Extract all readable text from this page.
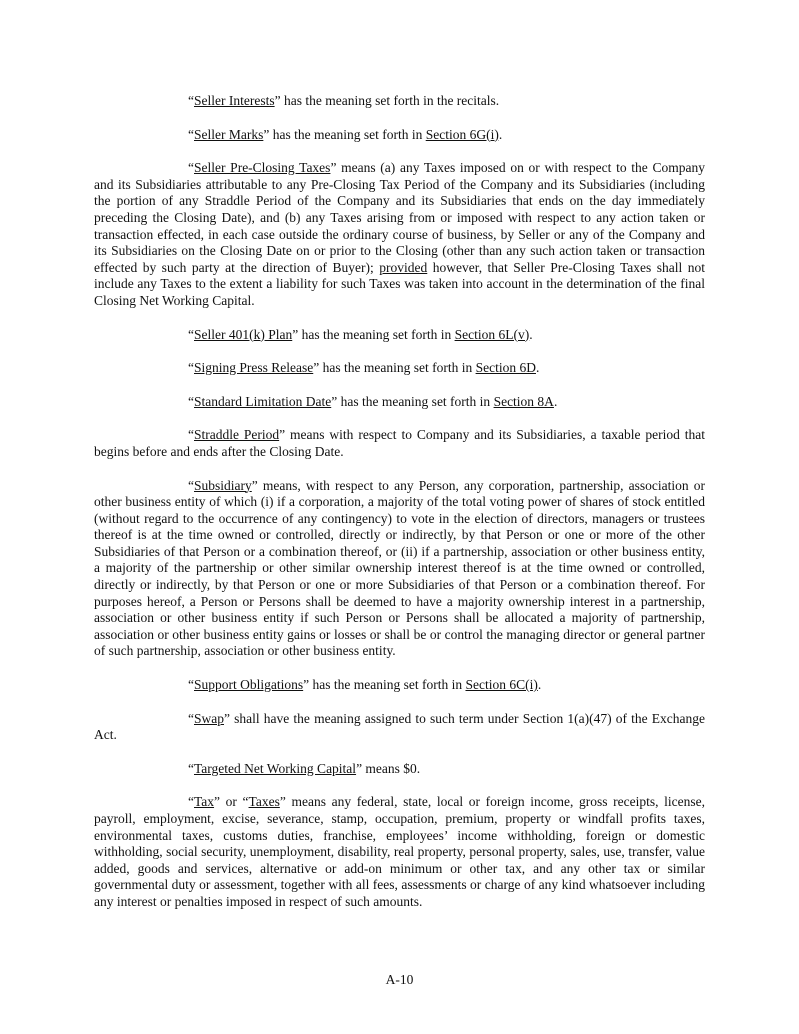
“Seller Interests” has the meaning set forth in the recitals.

“Seller Marks” has the meaning set forth in Section 6G(i).

“Seller Pre-Closing Taxes” means (a) any Taxes imposed on or with respect to the Company and its Subsidiaries attributable to any Pre-Closing Tax Period of the Company and its Subsidiaries (including the portion of any Straddle Period of the Company and its Subsidiaries that ends on the day immediately preceding the Closing Date), and (b) any Taxes arising from or imposed with respect to any action taken or transaction effected, in each case outside the ordinary course of business, by Seller or any of the Company and its Subsidiaries on the Closing Date on or prior to the Closing (other than any such action taken or transaction effected by such party at the direction of Buyer); provided however, that Seller Pre-Closing Taxes shall not include any Taxes to the extent a liability for such Taxes was taken into account in the determination of the final Closing Net Working Capital.

“Seller 401(k) Plan” has the meaning set forth in Section 6L(v).

“Signing Press Release” has the meaning set forth in Section 6D.

“Standard Limitation Date” has the meaning set forth in Section 8A.

“Straddle Period” means with respect to Company and its Subsidiaries, a taxable period that begins before and ends after the Closing Date.

“Subsidiary” means, with respect to any Person, any corporation, partnership, association or other business entity of which (i) if a corporation, a majority of the total voting power of shares of stock entitled (without regard to the occurrence of any contingency) to vote in the election of directors, managers or trustees thereof is at the time owned or controlled, directly or indirectly, by that Person or one or more of the other Subsidiaries of that Person or a combination thereof, or (ii) if a partnership, association or other business entity, a majority of the partnership or other similar ownership interest thereof is at the time owned or controlled, directly or indirectly, by that Person or one or more Subsidiaries of that Person or a combination thereof. For purposes hereof, a Person or Persons shall be deemed to have a majority ownership interest in a partnership, association or other business entity if such Person or Persons shall be allocated a majority of partnership, association or other business entity gains or losses or shall be or control the managing director or general partner of such partnership, association or other business entity.

“Support Obligations” has the meaning set forth in Section 6C(i).

“Swap” shall have the meaning assigned to such term under Section 1(a)(47) of the Exchange Act.

“Targeted Net Working Capital” means $0.

“Tax” or “Taxes” means any federal, state, local or foreign income, gross receipts, license, payroll, employment, excise, severance, stamp, occupation, premium, property or windfall profits taxes, environmental taxes, customs duties, franchise, employees’ income withholding, foreign or domestic withholding, social security, unemployment, disability, real property, personal property, sales, use, transfer, value added, goods and services, alternative or add-on minimum or other tax, and any other tax or similar governmental duty or assessment, together with all fees, assessments or charge of any kind whatsoever including any interest or penalties imposed in respect of such amounts.

A-10
